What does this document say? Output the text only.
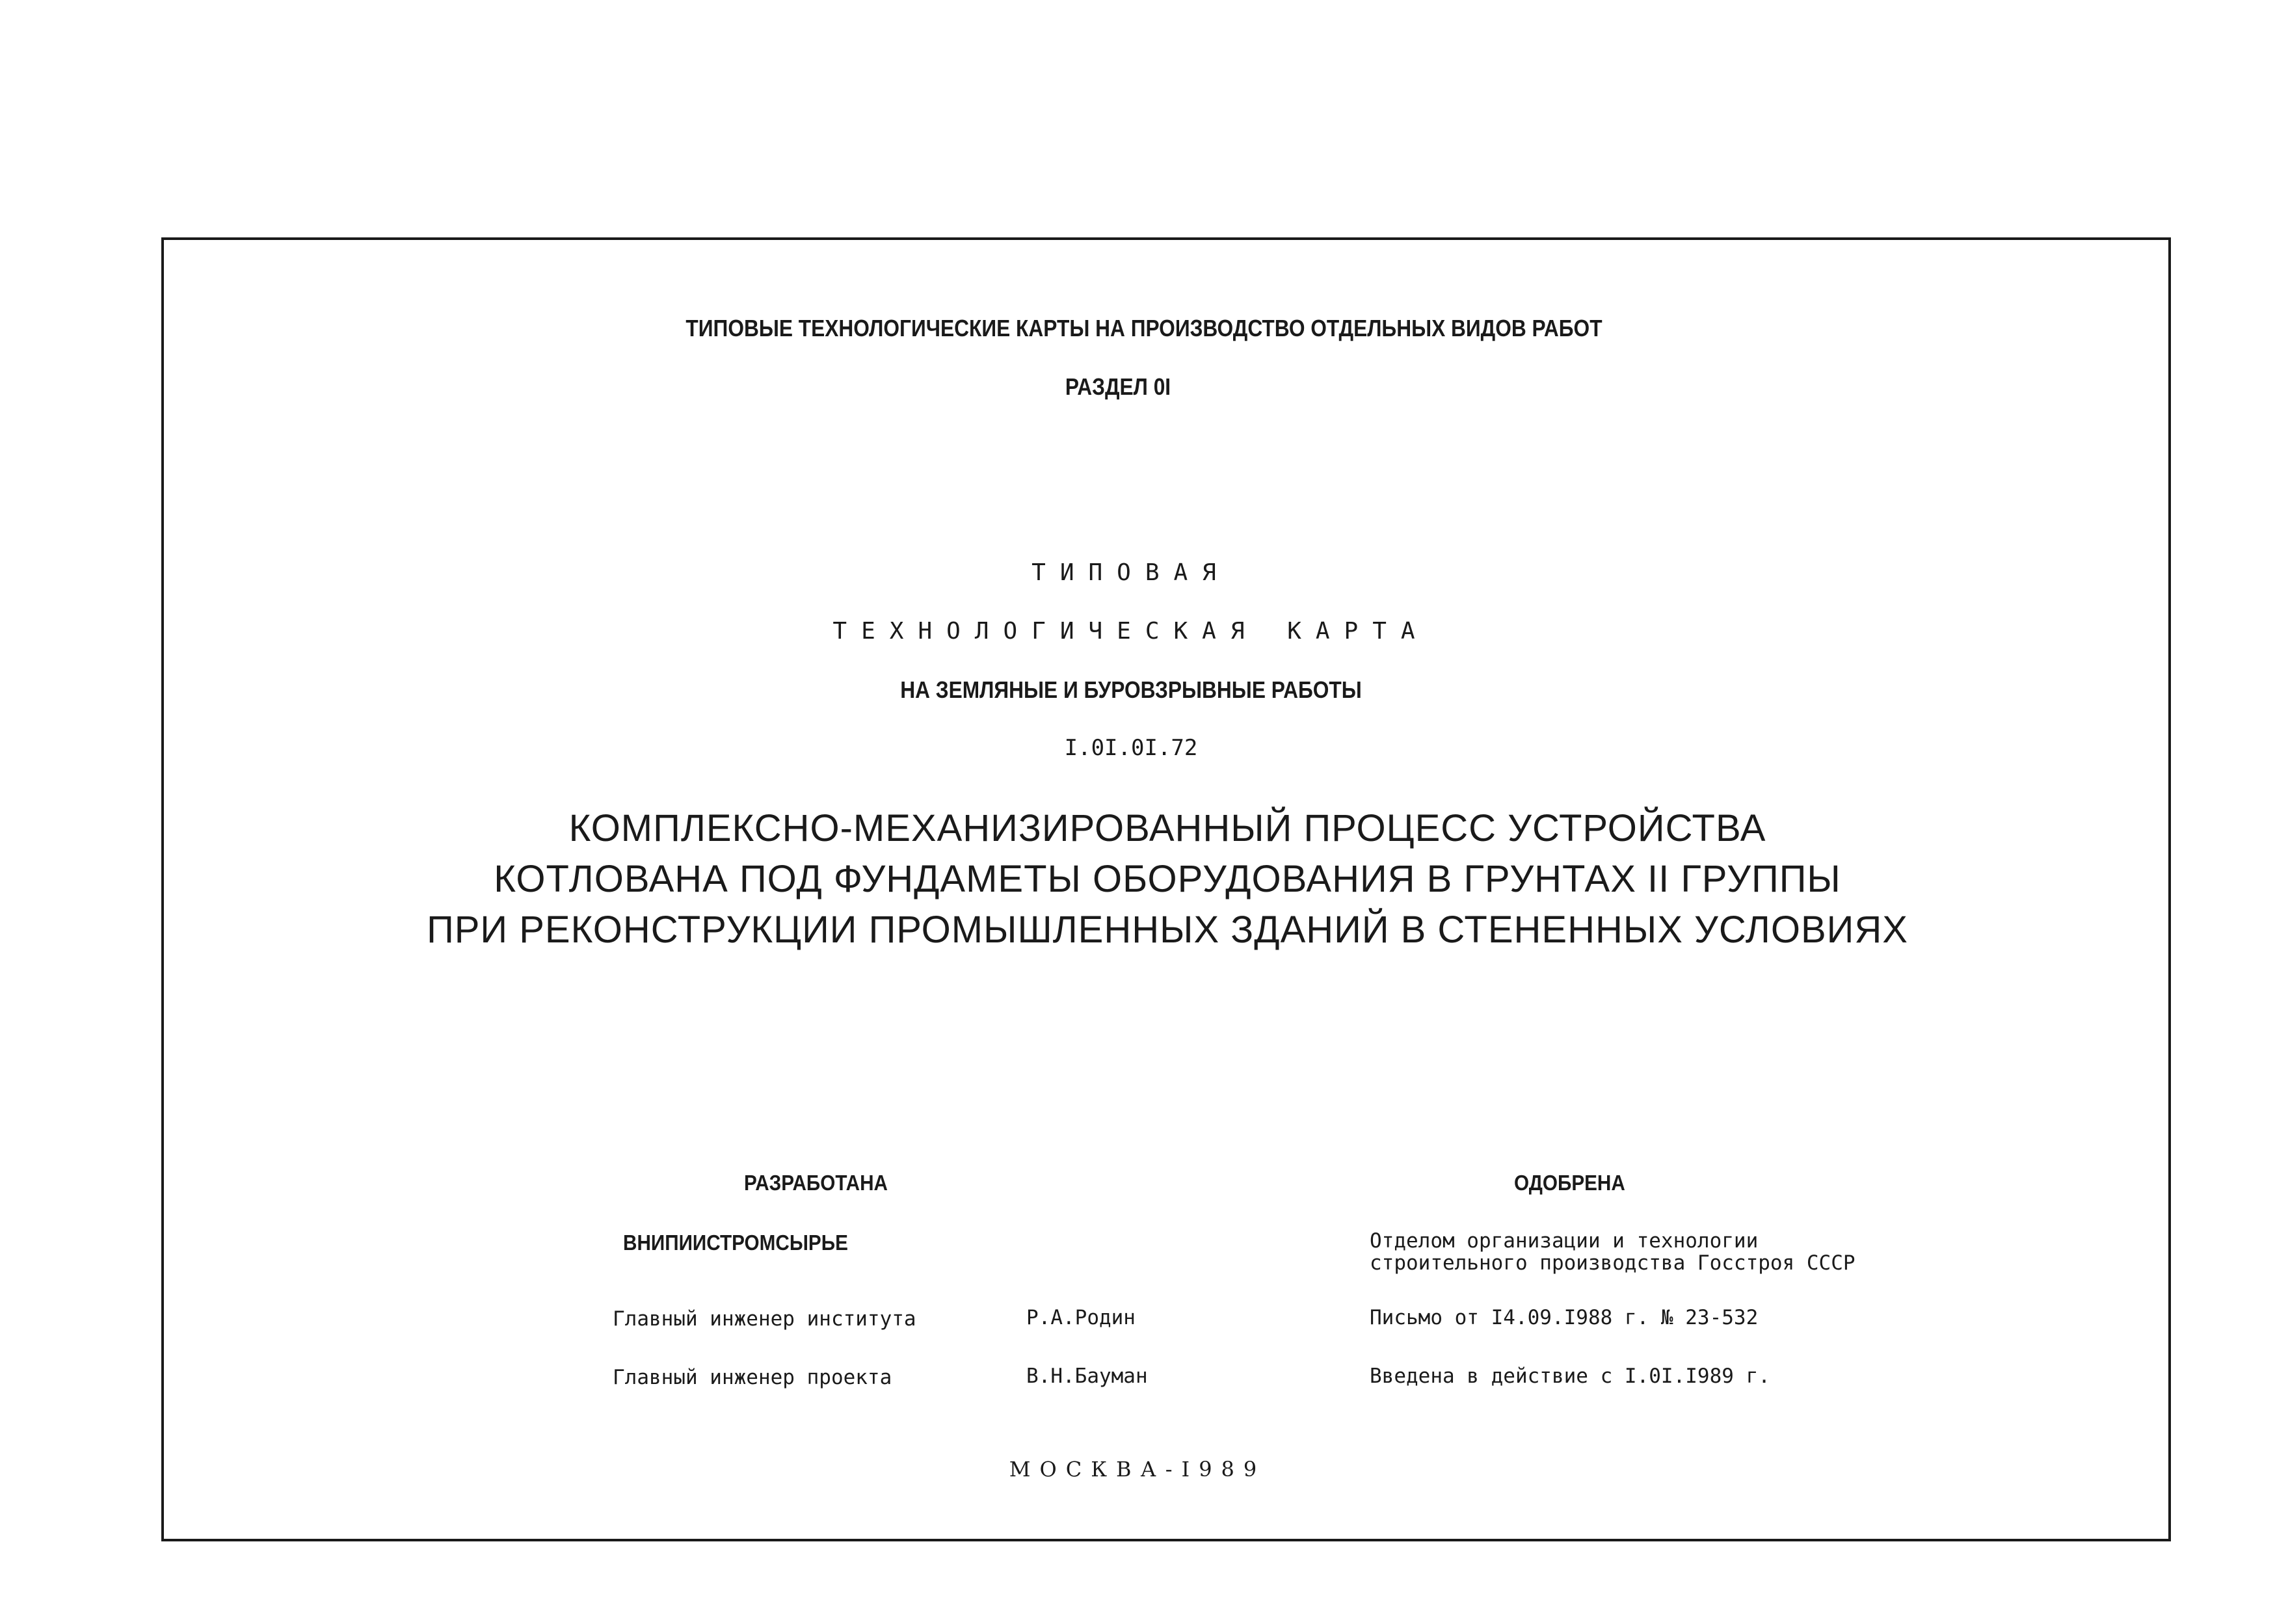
ТИПОВЫЕ ТЕХНОЛОГИЧЕСКИЕ КАРТЫ НА ПРОИЗВОДСТВО ОТДЕЛЬНЫХ ВИДОВ РАБОТ
РАЗДЕЛ 0I
ТИПОВАЯ
ТЕХНОЛОГИЧЕСКАЯ КАРТА
НА ЗЕМЛЯНЫЕ И БУРОВЗРЫВНЫЕ РАБОТЫ
I.0I.0I.72
КОМПЛЕКСНО-МЕХАНИЗИРОВАННЫЙ ПРОЦЕСС УСТРОЙСТВА
КОТЛОВАНА ПОД ФУНДАМЕТЫ ОБОРУДОВАНИЯ В ГРУНТАХ II ГРУППЫ
ПРИ РЕКОНСТРУКЦИИ ПРОМЫШЛЕННЫХ ЗДАНИЙ В СТЕНЕННЫХ УСЛОВИЯХ
РАЗРАБОТАНА
ВНИПИИСТРОМСЫРЬЕ
Главный инженер института	Р.А.Родин
Главный инженер проекта	В.Н.Бауман
ОДОБРЕНА
Отделом организации и технологии
строительного производства Госстроя СССР
Письмо от I4.09.I988 г. № 23-532
Введена в действие с I.0I.I989 г.
МОСКВА-I989
